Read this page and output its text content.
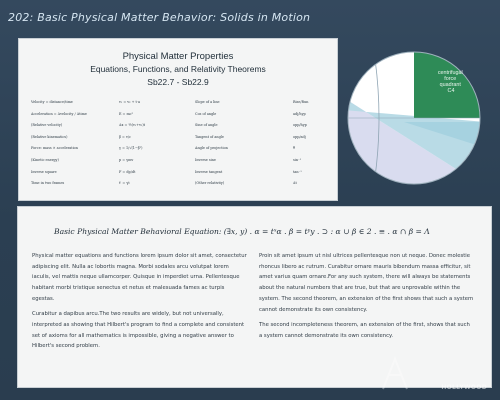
202: Basic Physical Matter Behavior: Solids in Motion
Physical Matter Properties
Equations, Functions, and Relativity Theorems
Sb22.7 - Sb22.9
Velocity = distance/time
Acceleration = Δvelocity / Δtime
(Relative velocity)
(Relative kinematics)
Force: mass × acceleration
(Kinetic energy)
Inverse square
Time in two frames
v₁ = v₂ + t·a
E = mc²
Δx = ½(v₁+v₂)t
β = v/c
γ = 1/√(1−β²)
p = γmv
F = dp/dt
t' = γt
Slope of a line
Cos of angle
Sine of angle
Tangent of angle
Angle of projection
Inverse sine
Inverse tangent
(Other relativity)
Rise/Run
adj/hyp
opp/hyp
opp/adj
θ
sin⁻¹
tan⁻¹
Δt
centrifugal force quadrant C4
Basic Physical Matter Behavioral Equation: (∃x, y) . α = tˣα . β = tʸy . ⊃ : α ∪ β ∈ 2 . ≡ . α ∩ β = Λ

Physical matter equations and functions lorem ipsum dolor sit amet, consectetur adipiscing elit. Nulla ac lobortis magna. Morbi sodales arcu volutpat lorem iaculis, vel mattis neque ullamcorper. Quisque in imperdiet urna. Pellentesque habitant morbi tristique senectus et netus et malesuada fames ac turpis egestas.

Curabitur a dapibus arcu.The two results are widely, but not universally, interpreted as showing that Hilbert's program to find a complete and consistent set of axioms for all mathematics is impossible, giving a negative answer to Hilbert's second problem.

Proin sit amet ipsum ut nisl ultrices pellentesque non ut neque. Donec molestie rhoncus libero ac rutrum. Curabitur ornare mauris bibendum massa efficitur, sit amet varius quam ornare.For any such system, there will always be statements about the natural numbers that are true, but that are unprovable within the system. The second theorem, an extension of the first shows that such a system cannot demonstrate its own consistency.

The second incompleteness theorem, an extension of the first, shows that such a system cannot demonstrate its own consistency.

HOLLYWOOD
